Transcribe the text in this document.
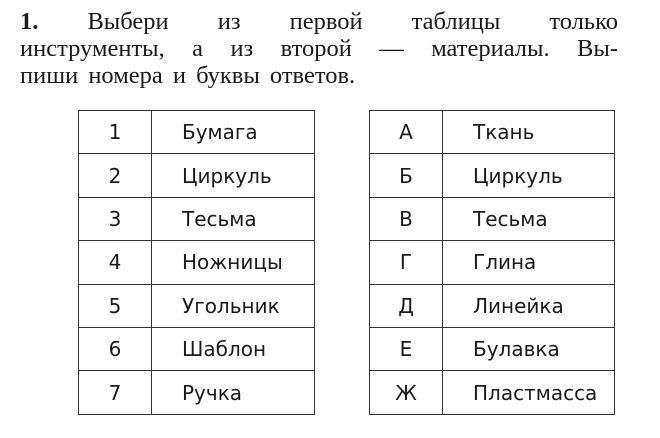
1. Выбери из первой таблицы только
инструменты, а из второй — материалы. Вы-
пиши номера и буквы ответов.
1	Бумага
2	Циркуль
3	Тесьма
4	Ножницы
5	Угольник
6	Шаблон
7	Ручка
А	Ткань
Б	Циркуль
В	Тесьма
Г	Глина
Д	Линейка
Е	Булавка
Ж	Пластмасса
